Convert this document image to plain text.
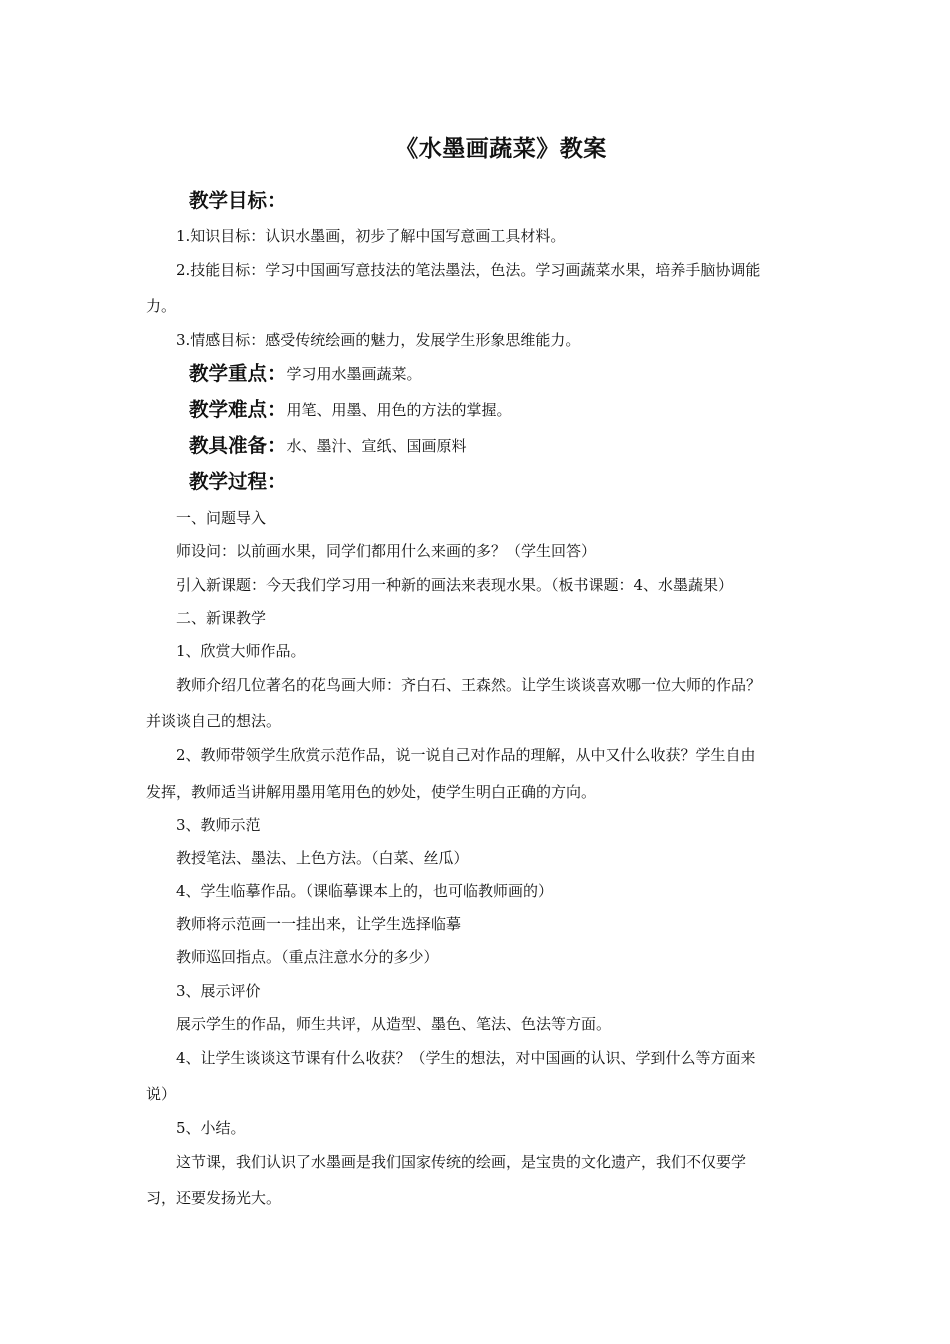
《水墨画蔬菜》教案
教学目标：
1.知识目标：认识水墨画，初步了解中国写意画工具材料。
2.技能目标：学习中国画写意技法的笔法墨法，色法。学习画蔬菜水果，培养手脑协调能
力。
3.情感目标：感受传统绘画的魅力，发展学生形象思维能力。
教学重点：学习用水墨画蔬菜。
教学难点：用笔、用墨、用色的方法的掌握。
教具准备：水、墨汁、宣纸、国画原料
教学过程：
一、问题导入
师设问：以前画水果，同学们都用什么来画的多？（学生回答）
引入新课题：今天我们学习用一种新的画法来表现水果。（板书课题：4、水墨蔬果）
二、新课教学
1、欣赏大师作品。
教师介绍几位著名的花鸟画大师：齐白石、王森然。让学生谈谈喜欢哪一位大师的作品？
并谈谈自己的想法。
2、教师带领学生欣赏示范作品，说一说自己对作品的理解，从中又什么收获？学生自由
发挥，教师适当讲解用墨用笔用色的妙处，使学生明白正确的方向。
3、教师示范
教授笔法、墨法、上色方法。（白菜、丝瓜）
4、学生临摹作品。（课临摹课本上的，也可临教师画的）
教师将示范画一一挂出来，让学生选择临摹
教师巡回指点。（重点注意水分的多少）
3、展示评价
展示学生的作品，师生共评，从造型、墨色、笔法、色法等方面。
4、让学生谈谈这节课有什么收获？（学生的想法，对中国画的认识、学到什么等方面来
说）
5、小结。
这节课，我们认识了水墨画是我们国家传统的绘画，是宝贵的文化遗产，我们不仅要学
习，还要发扬光大。
